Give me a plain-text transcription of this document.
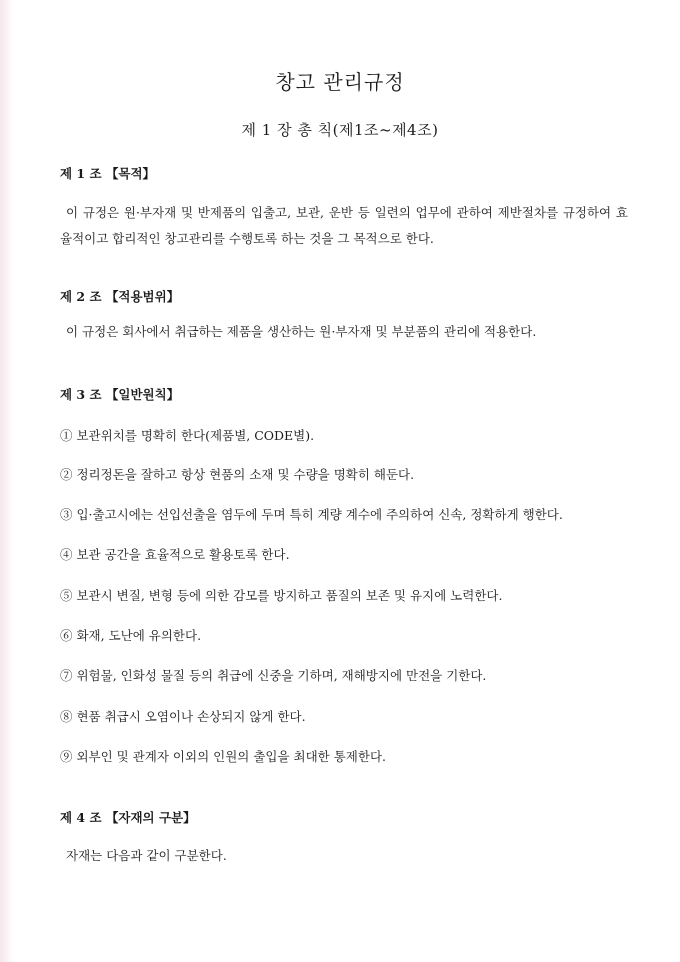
창고 관리규정
제 1 장 총 칙(제1조~제4조)
제 1 조 【목적】
이 규정은 원·부자재 및 반제품의 입출고, 보관, 운반 등 일련의 업무에 관하여 제반절차를 규정하여 효율적이고 합리적인 창고관리를 수행토록 하는 것을 그 목적으로 한다.
제 2 조 【적용범위】
이 규정은 회사에서 취급하는 제품을 생산하는 원·부자재 및 부분품의 관리에 적용한다.
제 3 조 【일반원칙】
① 보관위치를 명확히 한다(제품별, CODE별).
② 정리정돈을 잘하고 항상 현품의 소재 및 수량을 명확히 해둔다.
③ 입·출고시에는 선입선출을 염두에 두며 특히 계량 계수에 주의하여 신속, 정확하게 행한다.
④ 보관 공간을 효율적으로 활용토록 한다.
⑤ 보관시 변질, 변형 등에 의한 감모를 방지하고 품질의 보존 및 유지에 노력한다.
⑥ 화재, 도난에 유의한다.
⑦ 위험물, 인화성 물질 등의 취급에 신중을 기하며, 재해방지에 만전을 기한다.
⑧ 현품 취급시 오염이나 손상되지 않게 한다.
⑨ 외부인 및 관계자 이외의 인원의 출입을 최대한 통제한다.
제 4 조 【자재의 구분】
자재는 다음과 같이 구분한다.
